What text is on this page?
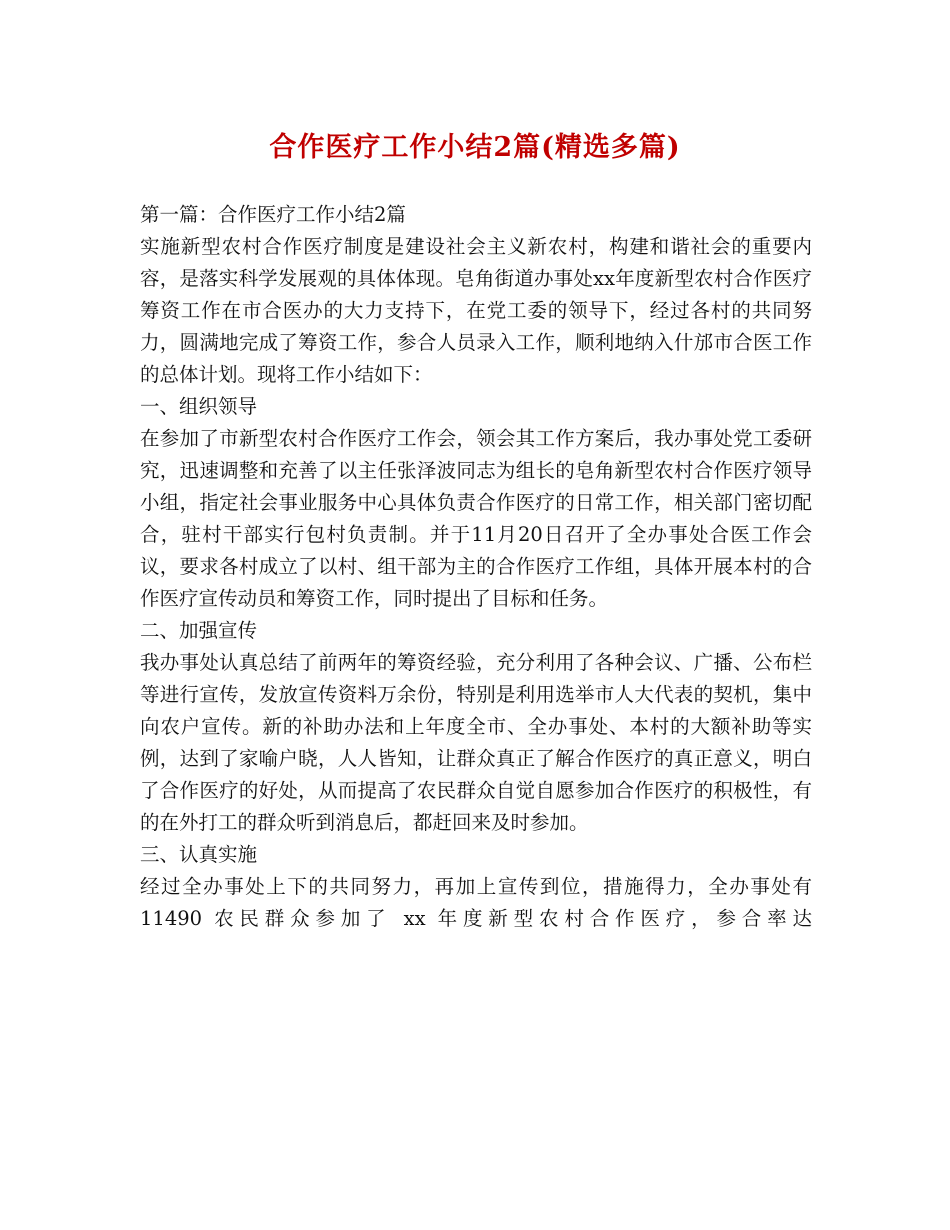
合作医疗工作小结2篇(精选多篇)

第一篇：合作医疗工作小结2篇

实施新型农村合作医疗制度是建设社会主义新农村，构建和谐社会的重要内容，是落实科学发展观的具体体现。皂角街道办事处xx年度新型农村合作医疗筹资工作在市合医办的大力支持下，在党工委的领导下，经过各村的共同努力，圆满地完成了筹资工作，参合人员录入工作，顺利地纳入什邡市合医工作的总体计划。现将工作小结如下：

一、组织领导

在参加了市新型农村合作医疗工作会，领会其工作方案后，我办事处党工委研究，迅速调整和充善了以主任张泽波同志为组长的皂角新型农村合作医疗领导小组，指定社会事业服务中心具体负责合作医疗的日常工作，相关部门密切配合，驻村干部实行包村负责制。并于11月20日召开了全办事处合医工作会议，要求各村成立了以村、组干部为主的合作医疗工作组，具体开展本村的合作医疗宣传动员和筹资工作，同时提出了目标和任务。

二、加强宣传

我办事处认真总结了前两年的筹资经验，充分利用了各种会议、广播、公布栏等进行宣传，发放宣传资料万余份，特别是利用选举市人大代表的契机，集中向农户宣传。新的补助办法和上年度全市、全办事处、本村的大额补助等实例，达到了家喻户晓，人人皆知，让群众真正了解合作医疗的真正意义，明白了合作医疗的好处，从而提高了农民群众自觉自愿参加合作医疗的积极性，有的在外打工的群众听到消息后，都赶回来及时参加。

三、认真实施

经过全办事处上下的共同努力，再加上宣传到位，措施得力，全办事处有 11490 农民群众参加了 xx 年度新型农村合作医疗，参合率达
